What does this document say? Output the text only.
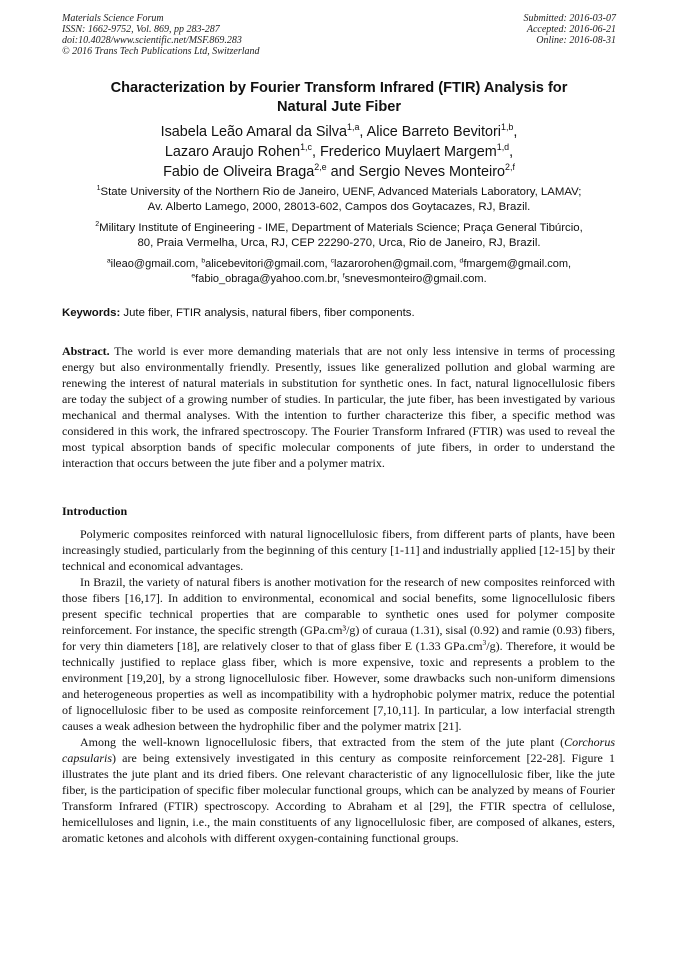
Materials Science Forum
ISSN: 1662-9752, Vol. 869, pp 283-287
doi:10.4028/www.scientific.net/MSF.869.283
© 2016 Trans Tech Publications Ltd, Switzerland
Submitted: 2016-03-07
Accepted: 2016-06-21
Online: 2016-08-31
Characterization by Fourier Transform Infrared (FTIR) Analysis for
Natural Jute Fiber
Isabela Leão Amaral da Silva$^{1,a}$, Alice Barreto Bevitori$^{1,b}$,
Lazaro Araujo Rohen$^{1,c}$, Frederico Muylaert Margem$^{1,d}$,
Fabio de Oliveira Braga$^{2,e}$ and Sergio Neves Monteiro$^{2,f}$
$^1$State University of the Northern Rio de Janeiro, UENF, Advanced Materials Laboratory, LAMAV;
Av. Alberto Lamego, 2000, 28013-602, Campos dos Goytacazes, RJ, Brazil.
$^2$Military Institute of Engineering - IME, Department of Materials Science; Praça General Tibúrcio,
80, Praia Vermelha, Urca, RJ, CEP 22290-270, Urca, Rio de Janeiro, RJ, Brazil.
$^a$ileao@gmail.com, $^b$alicebevitori@gmail.com, $^c$lazarorohen@gmail.com, $^d$fmargem@gmail.com,
$^e$fabio_obraga@yahoo.com.br, $^f$snevesmonteiro@gmail.com.
Keywords: Jute fiber, FTIR analysis, natural fibers, fiber components.
Abstract. The world is ever more demanding materials that are not only less intensive in terms of processing energy but also environmentally friendly. Presently, issues like generalized pollution and global warming are renewing the interest of natural materials in substitution for synthetic ones. In fact, natural lignocellulosic fibers are today the subject of a growing number of studies. In particular, the jute fiber, has been investigated by various mechanical and thermal analyses. With the intention to further characterize this fiber, a specific method was considered in this work, the infrared spectroscopy. The Fourier Transform Infrared (FTIR) was used to reveal the most typical absorption bands of specific molecular components of jute fibers, in order to understand the interaction that occurs between the jute fiber and a polymer matrix.
Introduction

Polymeric composites reinforced with natural lignocellulosic fibers, from different parts of plants, have been increasingly studied, particularly from the beginning of this century [1-11] and industrially applied [12-15] by their technical and economical advantages.

In Brazil, the variety of natural fibers is another motivation for the research of new composites reinforced with those fibers [16,17]. In addition to environmental, economical and social benefits, some lignocellulosic fibers present specific technical properties that are comparable to synthetic ones used for polymer composite reinforcement. For instance, the specific strength (GPa.cm³/g) of curaua (1.31), sisal (0.92) and ramie (0.93) fibers, for very thin diameters [18], are relatively closer to that of glass fiber E (1.33 $GPa.cm^3/g$). Therefore, it would be technically justified to replace glass fiber, which is more expensive, toxic and represents a problem to the environment [19,20], by a strong lignocellulosic fiber. However, some drawbacks such non-uniform dimensions and heterogeneous properties as well as incompatibility with a hydrophobic polymer matrix, reduce the potential of lignocellulosic fiber to be used as composite reinforcement [7,10,11]. In particular, a low interfacial strength causes a weak adhesion between the hydrophilic fiber and the polymer matrix [21].

Among the well-known lignocellulosic fibers, that extracted from the stem of the jute plant (Corchorus capsularis) are being extensively investigated in this century as composite reinforcement [22-28]. Figure 1 illustrates the jute plant and its dried fibers. One relevant characteristic of any lignocellulosic fiber, like the jute fiber, is the participation of specific fiber molecular functional groups, which can be analyzed by means of Fourier Transform Infrared (FTIR) spectroscopy. According to Abraham et al [29], the FTIR spectra of cellulose, hemicelluloses and lignin, i.e., the main constituents of any lignocellulosic fiber, are composed of alkanes, esters, aromatic ketones and alcohols with different oxygen-containing functional groups.
